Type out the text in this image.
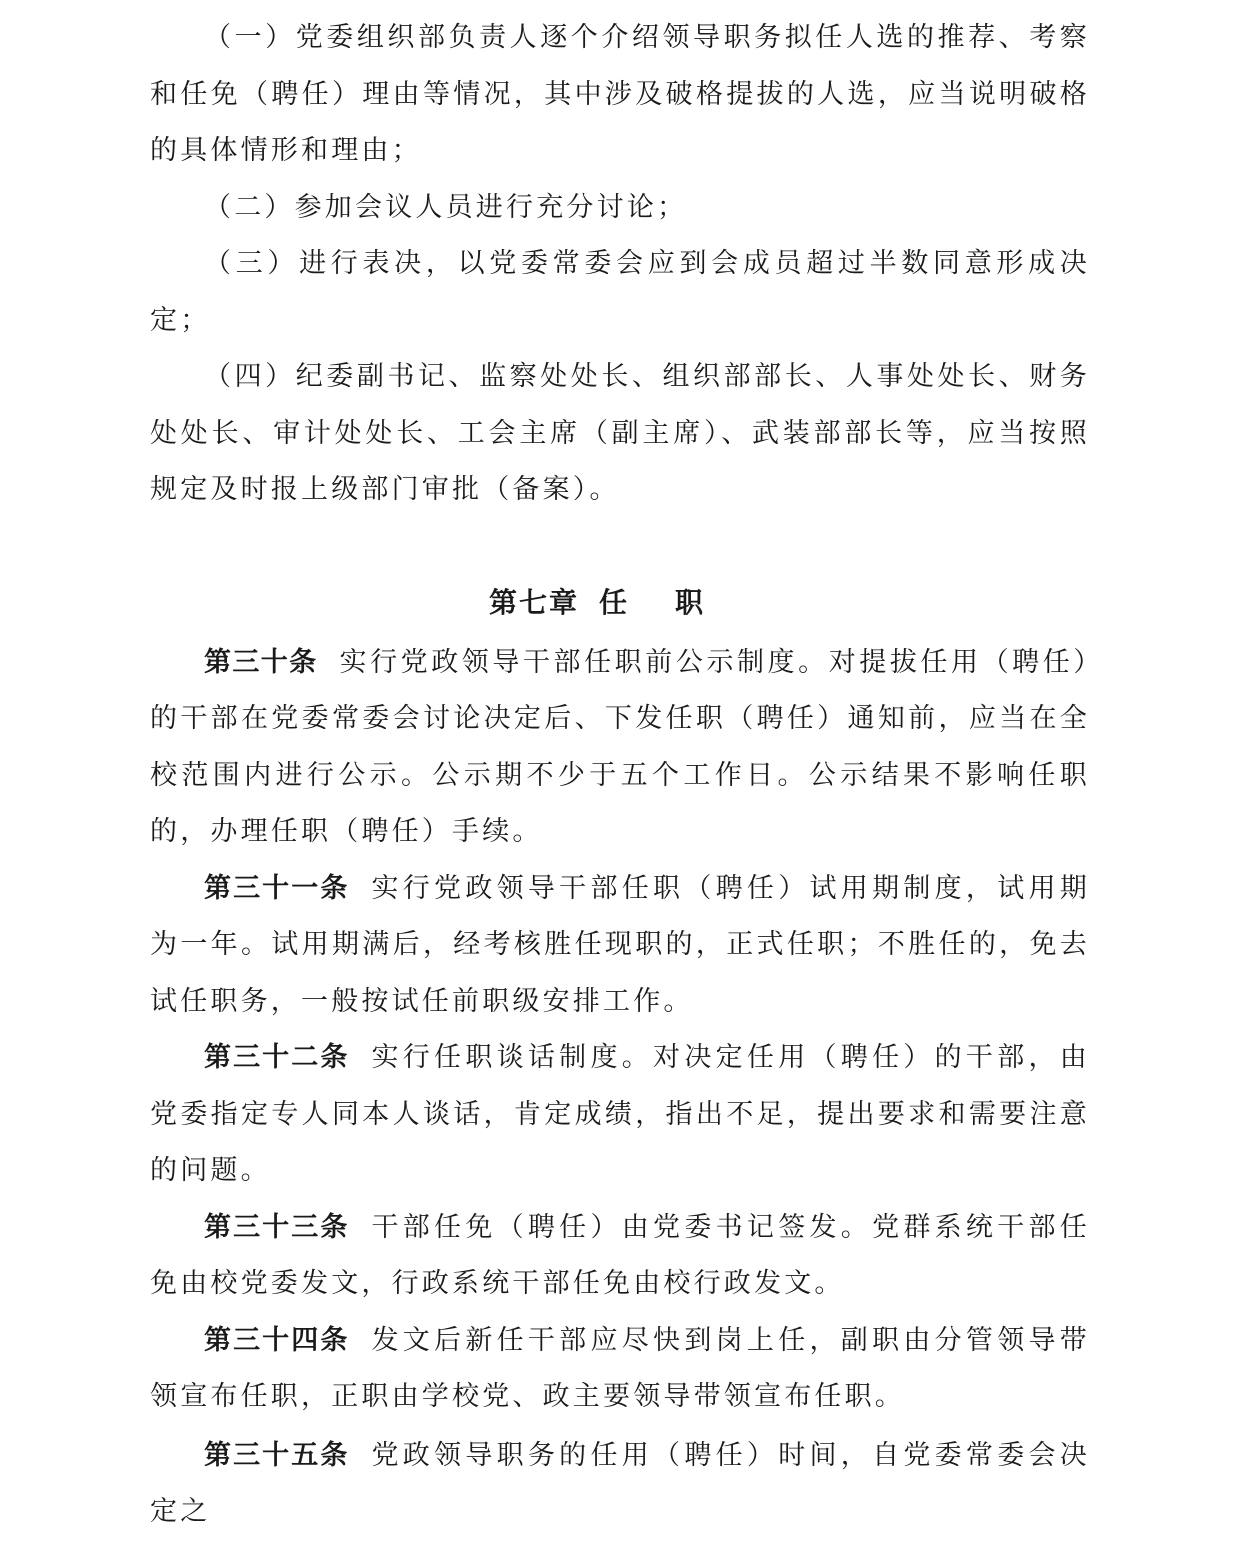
（一）党委组织部负责人逐个介绍领导职务拟任人选的推荐、考察和任免（聘任）理由等情况，其中涉及破格提拔的人选，应当说明破格的具体情形和理由；

（二）参加会议人员进行充分讨论；

（三）进行表决，以党委常委会应到会成员超过半数同意形成决定；

（四）纪委副书记、监察处处长、组织部部长、人事处处长、财务处处长、审计处处长、工会主席（副主席）、武装部部长等，应当按照规定及时报上级部门审批（备案）。

第七章 任职

第三十条 实行党政领导干部任职前公示制度。对提拔任用（聘任）的干部在党委常委会讨论决定后、下发任职（聘任）通知前，应当在全校范围内进行公示。公示期不少于五个工作日。公示结果不影响任职的，办理任职（聘任）手续。

第三十一条 实行党政领导干部任职（聘任）试用期制度，试用期为一年。试用期满后，经考核胜任现职的，正式任职；不胜任的，免去试任职务，一般按试任前职级安排工作。

第三十二条 实行任职谈话制度。对决定任用（聘任）的干部，由党委指定专人同本人谈话，肯定成绩，指出不足，提出要求和需要注意的问题。

第三十三条 干部任免（聘任）由党委书记签发。党群系统干部任免由校党委发文，行政系统干部任免由校行政发文。

第三十四条 发文后新任干部应尽快到岗上任，副职由分管领导带领宣布任职，正职由学校党、政主要领导带领宣布任职。

第三十五条 党政领导职务的任用（聘任）时间，自党委常委会决定之
